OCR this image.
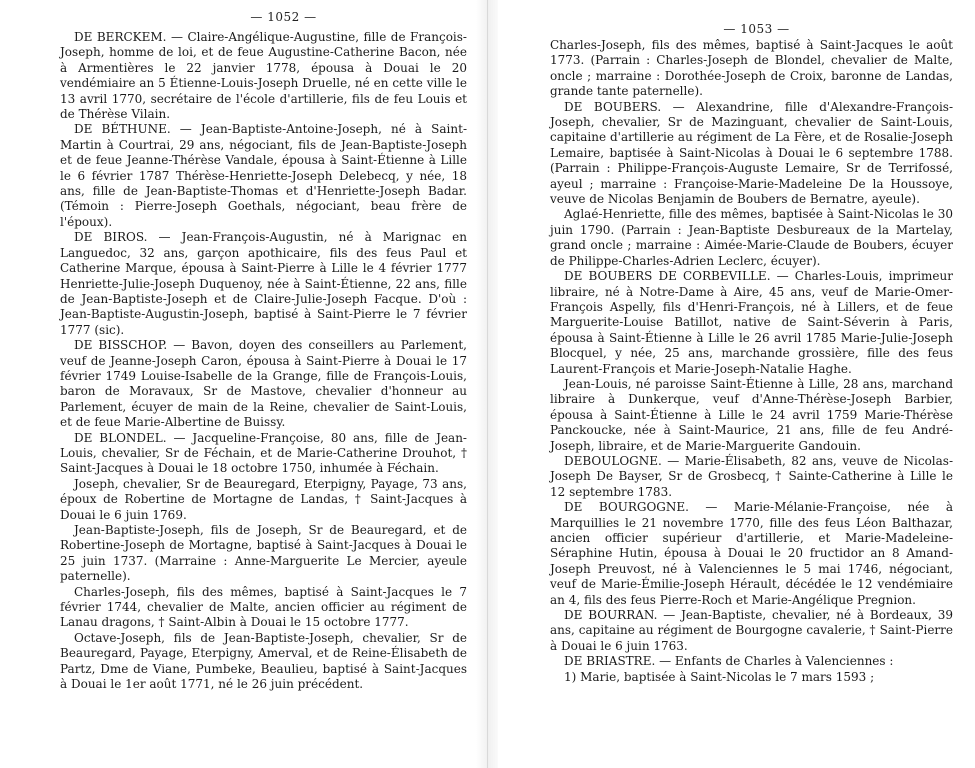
— 1052 —

DE BERCKEM. — Claire-Angélique-Augustine, fille de François-Joseph, homme de loi, et de feue Augustine-Catherine Bacon, née à Armentières le 22 janvier 1778, épousa à Douai le 20 vendémiaire an 5 Étienne-Louis-Joseph Druelle, né en cette ville le 13 avril 1770, secrétaire de l'école d'artillerie, fils de feu Louis et de Thérèse Vilain.

DE BÉTHUNE. — Jean-Baptiste-Antoine-Joseph, né à Saint-Martin à Courtrai, 29 ans, négociant, fils de Jean-Baptiste-Joseph et de feue Jeanne-Thérèse Vandale, épousa à Saint-Étienne à Lille le 6 février 1787 Thérèse-Henriette-Joseph Delebecq, y née, 18 ans, fille de Jean-Baptiste-Thomas et d'Henriette-Joseph Badar. (Témoin : Pierre-Joseph Goethals, négociant, beau frère de l'époux).

DE BIROS. — Jean-François-Augustin, né à Marignac en Languedoc, 32 ans, garçon apothicaire, fils des feus Paul et Catherine Marque, épousa à Saint-Pierre à Lille le 4 février 1777 Henriette-Julie-Joseph Duquenoy, née à Saint-Étienne, 22 ans, fille de Jean-Baptiste-Joseph et de Claire-Julie-Joseph Facque. D'où : Jean-Baptiste-Augustin-Joseph, baptisé à Saint-Pierre le 7 février 1777 (sic).

DE BISSCHOP. — Bavon, doyen des conseillers au Parlement, veuf de Jeanne-Joseph Caron, épousa à Saint-Pierre à Douai le 17 février 1749 Louise-Isabelle de la Grange, fille de François-Louis, baron de Moravaux, Sr de Mastove, chevalier d'honneur au Parlement, écuyer de main de la Reine, chevalier de Saint-Louis, et de feue Marie-Albertine de Buissy.

DE BLONDEL. — Jacqueline-Françoise, 80 ans, fille de Jean-Louis, chevalier, Sr de Féchain, et de Marie-Catherine Drouhot, † Saint-Jacques à Douai le 18 octobre 1750, inhumée à Féchain.

Joseph, chevalier, Sr de Beauregard, Eterpigny, Payage, 73 ans, époux de Robertine de Mortagne de Landas, † Saint-Jacques à Douai le 6 juin 1769.

Jean-Baptiste-Joseph, fils de Joseph, Sr de Beauregard, et de Robertine-Joseph de Mortagne, baptisé à Saint-Jacques à Douai le 25 juin 1737. (Marraine : Anne-Marguerite Le Mercier, ayeule paternelle).

Charles-Joseph, fils des mêmes, baptisé à Saint-Jacques le 7 février 1744, chevalier de Malte, ancien officier au régiment de Lanau dragons, † Saint-Albin à Douai le 15 octobre 1777.

Octave-Joseph, fils de Jean-Baptiste-Joseph, chevalier, Sr de Beauregard, Payage, Eterpigny, Amerval, et de Reine-Élisabeth de Partz, Dme de Viane, Pumbeke, Beaulieu, baptisé à Saint-Jacques à Douai le 1er août 1771, né le 26 juin précédent.

— 1053 —

Charles-Joseph, fils des mêmes, baptisé à Saint-Jacques le août 1773. (Parrain : Charles-Joseph de Blondel, chevalier de Malte, oncle ; marraine : Dorothée-Joseph de Croix, baronne de Landas, grande tante paternelle).

DE BOUBERS. — Alexandrine, fille d'Alexandre-François-Joseph, chevalier, Sr de Mazinguant, chevalier de Saint-Louis, capitaine d'artillerie au régiment de La Fère, et de Rosalie-Joseph Lemaire, baptisée à Saint-Nicolas à Douai le 6 septembre 1788. (Parrain : Philippe-François-Auguste Lemaire, Sr de Terrifossé, ayeul ; marraine : Françoise-Marie-Madeleine De la Houssoye, veuve de Nicolas Benjamin de Boubers de Bernatre, ayeule).

Aglaé-Henriette, fille des mêmes, baptisée à Saint-Nicolas le 30 juin 1790. (Parrain : Jean-Baptiste Desbureaux de la Martelay, grand oncle ; marraine : Aimée-Marie-Claude de Boubers, écuyer de Philippe-Charles-Adrien Leclerc, écuyer).

DE BOUBERS DE CORBEVILLE. — Charles-Louis, imprimeur libraire, né à Notre-Dame à Aire, 45 ans, veuf de Marie-Omer-François Aspelly, fils d'Henri-François, né à Lillers, et de feue Marguerite-Louise Batillot, native de Saint-Séverin à Paris, épousa à Saint-Étienne à Lille le 26 avril 1785 Marie-Julie-Joseph Blocquel, y née, 25 ans, marchande grossière, fille des feus Laurent-François et Marie-Joseph-Natalie Haghe.

Jean-Louis, né paroisse Saint-Étienne à Lille, 28 ans, marchand libraire à Dunkerque, veuf d'Anne-Thérèse-Joseph Barbier, épousa à Saint-Étienne à Lille le 24 avril 1759 Marie-Thérèse Panckoucke, née à Saint-Maurice, 21 ans, fille de feu André-Joseph, libraire, et de Marie-Marguerite Gandouin.

DEBOULOGNE. — Marie-Élisabeth, 82 ans, veuve de Nicolas-Joseph De Bayser, Sr de Grosbecq, † Sainte-Catherine à Lille le 12 septembre 1783.

DE BOURGOGNE. — Marie-Mélanie-Françoise, née à Marquillies le 21 novembre 1770, fille des feus Léon Balthazar, ancien officier supérieur d'artillerie, et Marie-Madeleine-Séraphine Hutin, épousa à Douai le 20 fructidor an 8 Amand-Joseph Preuvost, né à Valenciennes le 5 mai 1746, négociant, veuf de Marie-Émilie-Joseph Hérault, décédée le 12 vendémiaire an 4, fils des feus Pierre-Roch et Marie-Angélique Pregnion.

DE BOURRAN. — Jean-Baptiste, chevalier, né à Bordeaux, 39 ans, capitaine au régiment de Bourgogne cavalerie, † Saint-Pierre à Douai le 6 juin 1763.

DE BRIASTRE. — Enfants de Charles à Valenciennes :

1) Marie, baptisée à Saint-Nicolas le 7 mars 1593 ;
